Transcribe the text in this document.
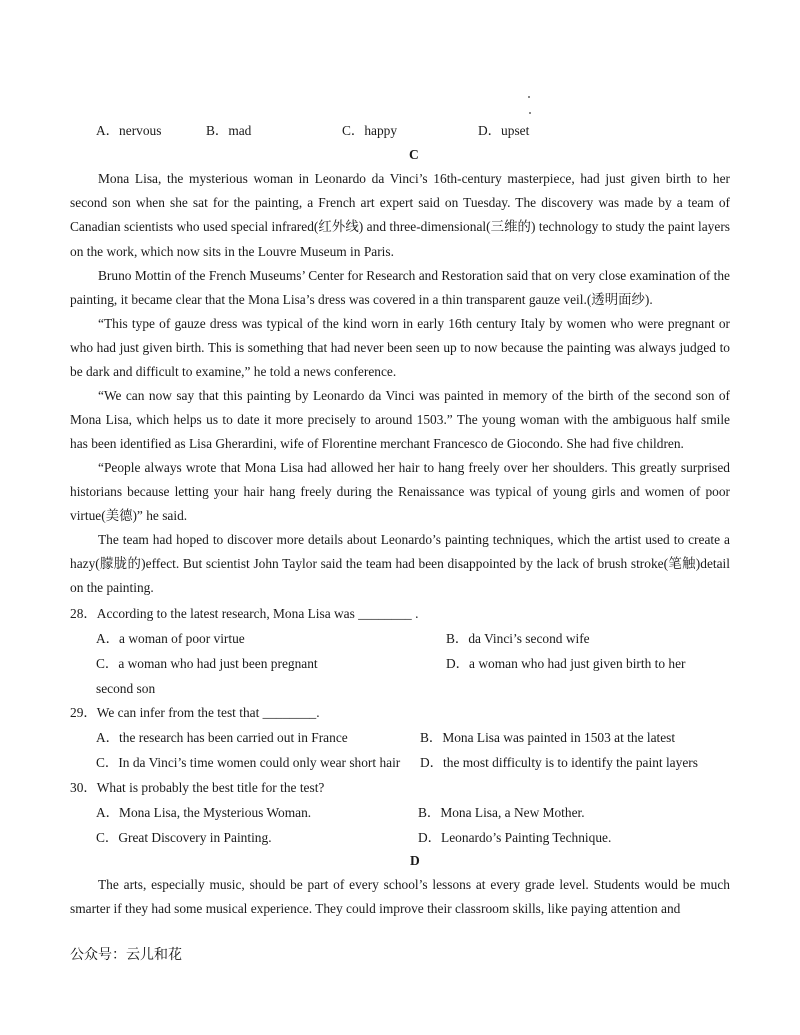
A．nervous	B．mad	C．happy	D．upset
C
Mona Lisa, the mysterious woman in Leonardo da Vinci’s 16th-century masterpiece, had just given birth to her second son when she sat for the painting, a French art expert said on Tuesday. The discovery was made by a team of Canadian scientists who used special infrared(红外线) and three-dimensional(三维的) technology to study the paint layers on the work, which now sits in the Louvre Museum in Paris.
Bruno Mottin of the French Museums’ Center for Research and Restoration said that on very close examination of the painting, it became clear that the Mona Lisa’s dress was covered in a thin transparent gauze veil.(透明面纱).
“This type of gauze dress was typical of the kind worn in early 16th century Italy by women who were pregnant or who had just given birth. This is something that had never been seen up to now because the painting was always judged to be dark and difficult to examine,” he told a news conference.
“We can now say that this painting by Leonardo da Vinci was painted in memory of the birth of the second son of Mona Lisa, which helps us to date it more precisely to around 1503.” The young woman with the ambiguous half smile has been identified as Lisa Gherardini, wife of Florentine merchant Francesco de Giocondo. She had five children.
“People always wrote that Mona Lisa had allowed her hair to hang freely over her shoulders. This greatly surprised historians because letting your hair hang freely during the Renaissance was typical of young girls and women of poor virtue(美德)” he said.
The team had hoped to discover more details about Leonardo’s painting techniques, which the artist used to create a hazy(朦胧的)effect. But scientist John Taylor said the team had been disappointed by the lack of brush stroke(笔触)detail on the painting.
28．According to the latest research, Mona Lisa was ________ .
A．a woman of poor virtue	B．da Vinci’s second wife
C．a woman who had just been pregnant	D．a woman who had just given birth to her
second son
29．We can infer from the test that ________.
A．the research has been carried out in France	B．Mona Lisa was painted in 1503 at the latest
C．In da Vinci’s time women could only wear short hair D．the most difficulty is to identify the paint layers
30．What is probably the best title for the test?
A．Mona Lisa, the Mysterious Woman.	B．Mona Lisa, a New Mother.
C．Great Discovery in Painting.	D．Leonardo’s Painting Technique.
D
The arts, especially music, should be part of every school’s lessons at every grade level. Students would be much smarter if they had some musical experience. They could improve their classroom skills, like paying attention and
公众号：云儿和花
